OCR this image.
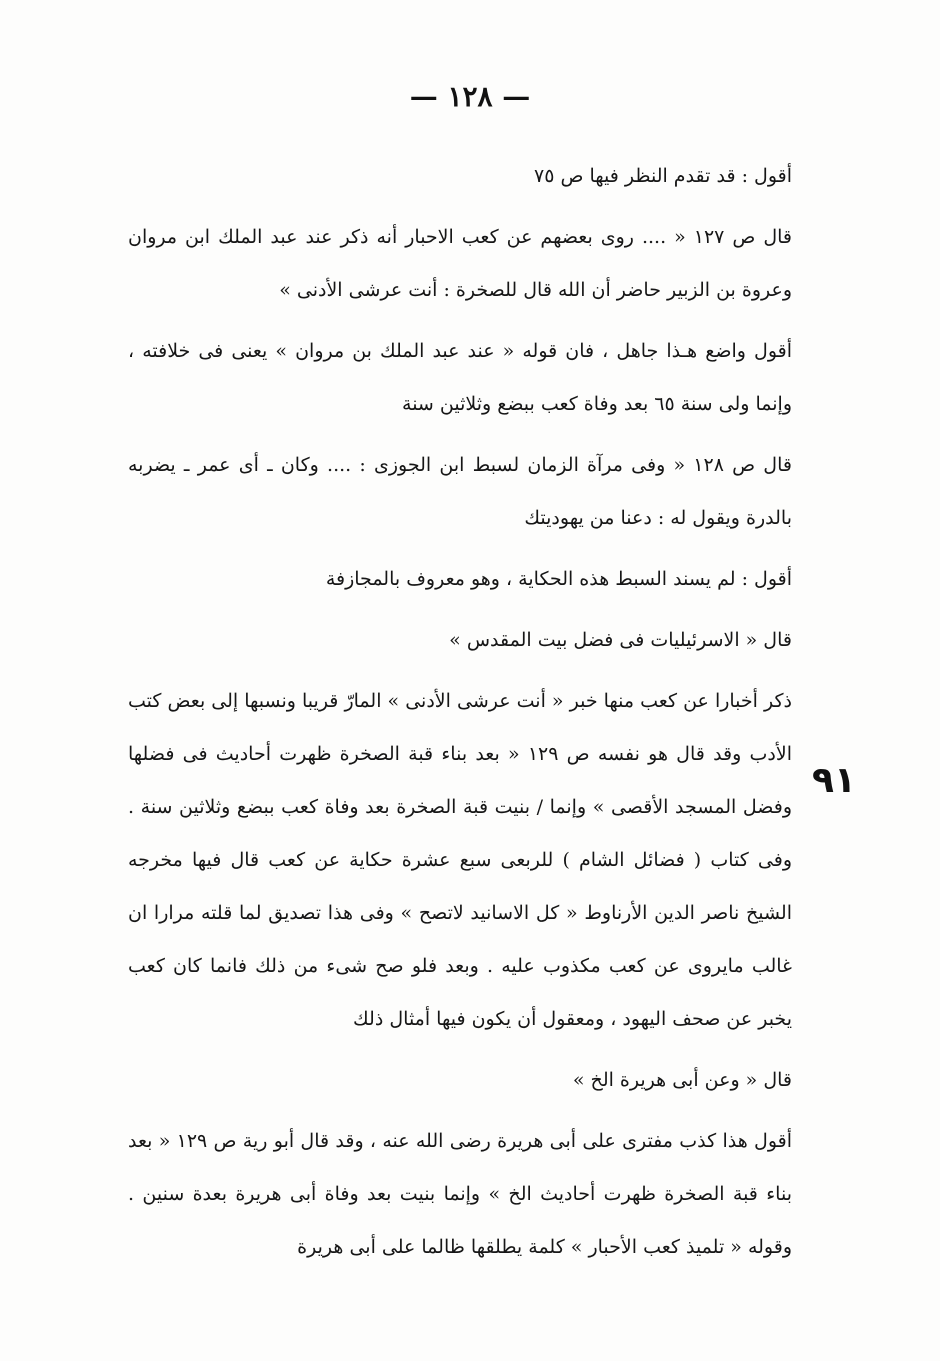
— ١٢٨ —
٩١

أقول : قد تقدم النظر فيها ص ٧٥

قال ص ١٢٧ « .... روى بعضهم عن كعب الاحبار أنه ذكر عند عبد الملك ابن مروان وعروة بن الزبير حاضر أن الله قال للصخرة : أنت عرشى الأدنى »

أقول واضع هـذا جاهل ، فان قوله « عند عبد الملك بن مروان » يعنى فى خلافته ، وإنما ولى سنة ٦٥ بعد وفاة كعب ببضع وثلاثين سنة

قال ص ١٢٨ « وفى مرآة الزمان لسبط ابن الجوزى : .... وكان ـ أى عمر ـ يضربه بالدرة ويقول له : دعنا من يهوديتك

أقول : لم يسند السبط هذه الحكاية ، وهو معروف بالمجازفة

قال « الاسرئيليات فى فضل بيت المقدس »

ذكر أخبارا عن كعب منها خبر « أنت عرشى الأدنى » المارّ قريبا ونسبها إلى بعض كتب الأدب وقد قال هو نفسه ص ١٢٩ « بعد بناء قبة الصخرة ظهرت أحاديث فى فضلها وفضل المسجد الأقصى » وإنما / بنيت قبة الصخرة بعد وفاة كعب ببضع وثلاثين سنة . وفى كتاب ( فضائل الشام ) للربعى سبع عشرة حكاية عن كعب قال فيها مخرجه الشيخ ناصر الدين الأرناوط « كل الاسانيد لاتصح » وفى هذا تصديق لما قلته مرارا ان غالب مايروى عن كعب مكذوب عليه . وبعد فلو صح شىء من ذلك فانما كان كعب يخبر عن صحف اليهود ، ومعقول أن يكون فيها أمثال ذلك

قال « وعن أبى هريرة الخ »

أقول هذا كذب مفترى على أبى هريرة رضى الله عنه ، وقد قال أبو رية ص ١٢٩ « بعد بناء قبة الصخرة ظهرت أحاديث الخ » وإنما بنيت بعد وفاة أبى هريرة بعدة سنين . وقوله « تلميذ كعب الأحبار » كلمة يطلقها ظالما على أبى هريرة
